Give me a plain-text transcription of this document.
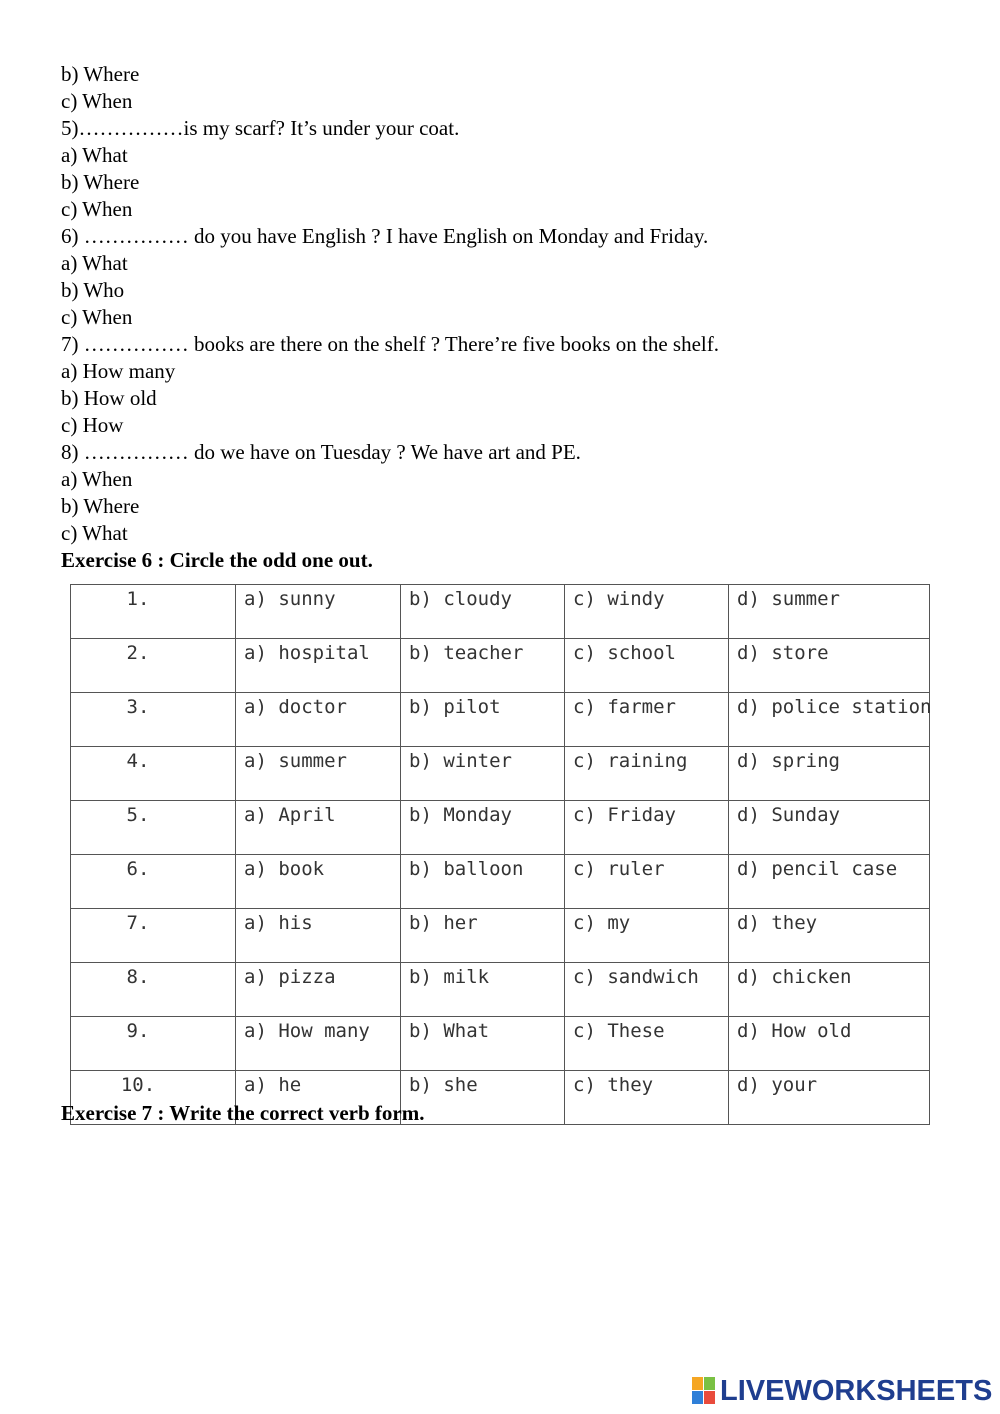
b) Where
c) When
5)……………is my scarf? It’s under your coat.
a) What
b) Where
c) When
6) …………… do you have English ? I have English on Monday and Friday.
a) What
b) Who
c) When
7) …………… books are there on the shelf ? There’re five books on the shelf.
a) How many
b) How old
c) How
8) …………… do we have on Tuesday ? We have art and PE.
a) When
b) Where
c) What
Exercise 6 : Circle the odd one out.
1.	a) sunny	b) cloudy	c) windy	d) summer
2.	a) hospital	b) teacher	c) school	d) store
3.	a) doctor	b) pilot	c) farmer	d) police station
4.	a) summer	b) winter	c) raining	d) spring
5.	a) April	b) Monday	c) Friday	d) Sunday
6.	a) book	b) balloon	c) ruler	d) pencil case
7.	a) his	b) her	c) my	d) they
8.	a) pizza	b) milk	c) sandwich	d) chicken
9.	a) How many	b) What	c) These	d) How old
10.	a) he	b) she	c) they	d) your
Exercise 7 : Write the correct verb form.
LIVEWORKSHEETS
